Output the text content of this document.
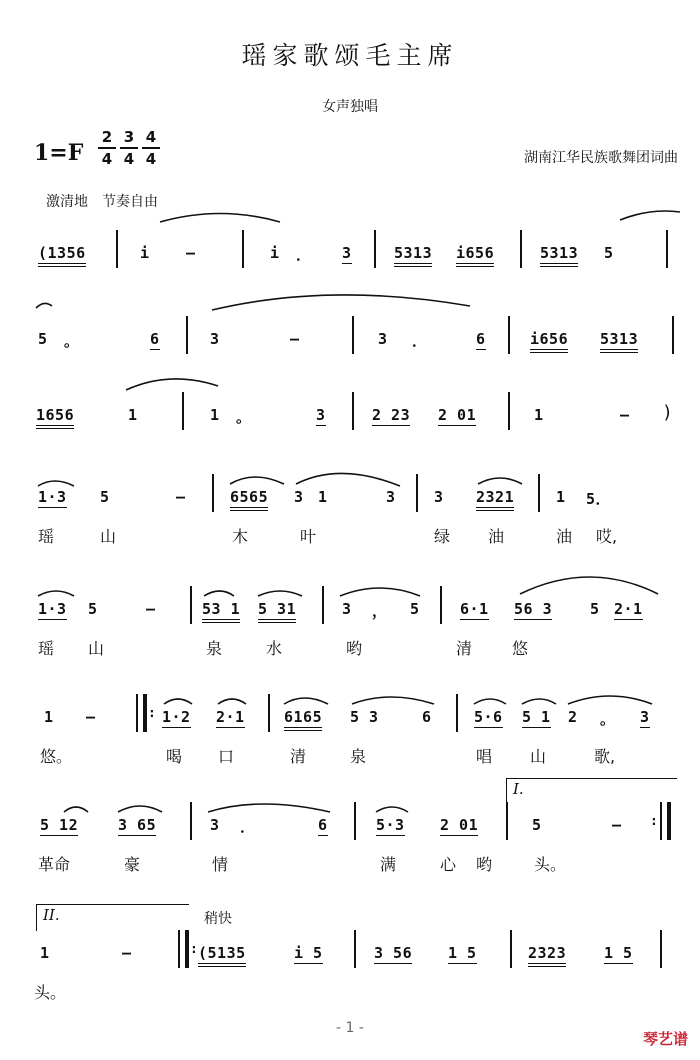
瑶家歌颂毛主席
女声独唱
1=F
2
4
3
4
4
4	湖南江华民族歌舞团词曲
激清地　节奏自由
(1356	i –	i ． 3	5313 i656	5313 5
5 。	6	3	–	3 ．	6	i656 5313
1656	1	1 。	3	2 23 2 01	1	– )
1·3 5	–	6565 3 1	3	3 2321	1 5．
瑶	山	木	叶	绿 油	油 哎,
1·3 5	–	53 1 5 31	3 ， 5	6·1 56 3	5 2·1
瑶 山	泉	水	哟	清 悠
1 –	: 1·2 2·1	6165 5 3	6	5·6 5 1 2 。 3
悠。	喝 口	清	泉	唱 山	歌,
I.
5 12	3 65	3 ．	6	5·3 2 01	5	– :
革命	豪	情	满	心 哟	头。
II.	稍快
1	–	: (5135	i 5	3 56 1 5	2323	1 5
头。
- 1 -
琴艺谱
